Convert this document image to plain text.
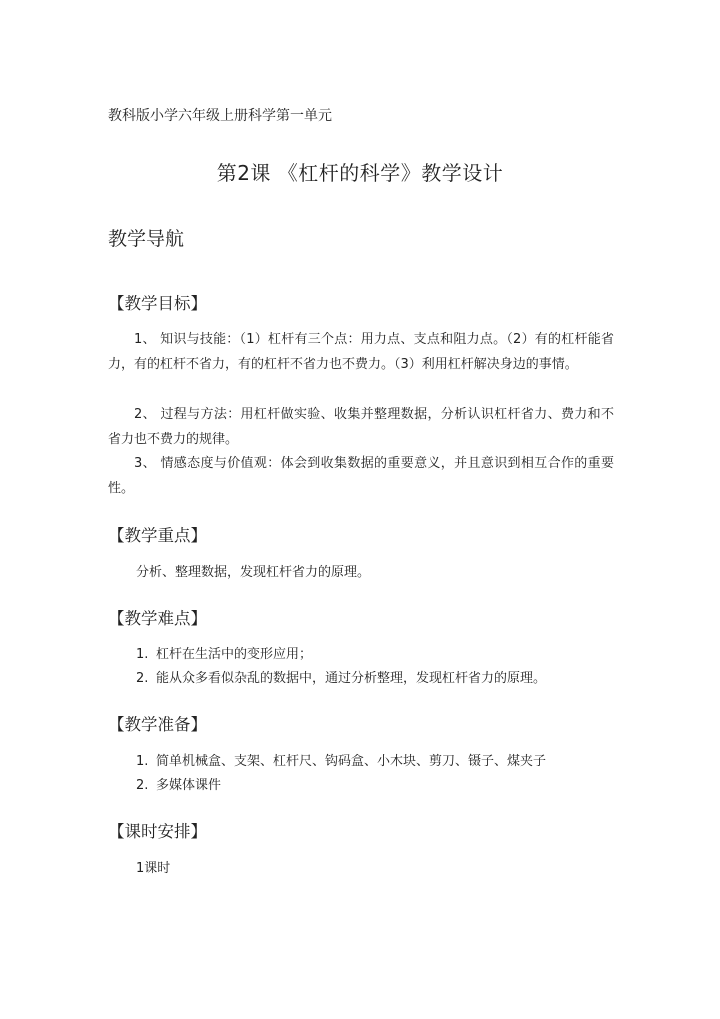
教科版小学六年级上册科学第一单元

第2课 《杠杆的科学》教学设计
教学导航
【教学目标】
1、 知识与技能：（1）杠杆有三个点：用力点、支点和阻力点。（2）有的杠杆能省力，有的杠杆不省力，有的杠杆不省力也不费力。（3）利用杠杆解决身边的事情。
2、 过程与方法：用杠杆做实验、收集并整理数据，分析认识杠杆省力、费力和不省力也不费力的规律。
3、 情感态度与价值观：体会到收集数据的重要意义，并且意识到相互合作的重要性。
【教学重点】
分析、整理数据，发现杠杆省力的原理。
【教学难点】
1. 杠杆在生活中的变形应用；
2. 能从众多看似杂乱的数据中，通过分析整理，发现杠杆省力的原理。
【教学准备】
1. 简单机械盒、支架、杠杆尺、钩码盒、小木块、剪刀、镊子、煤夹子
2. 多媒体课件
【课时安排】
1课时
